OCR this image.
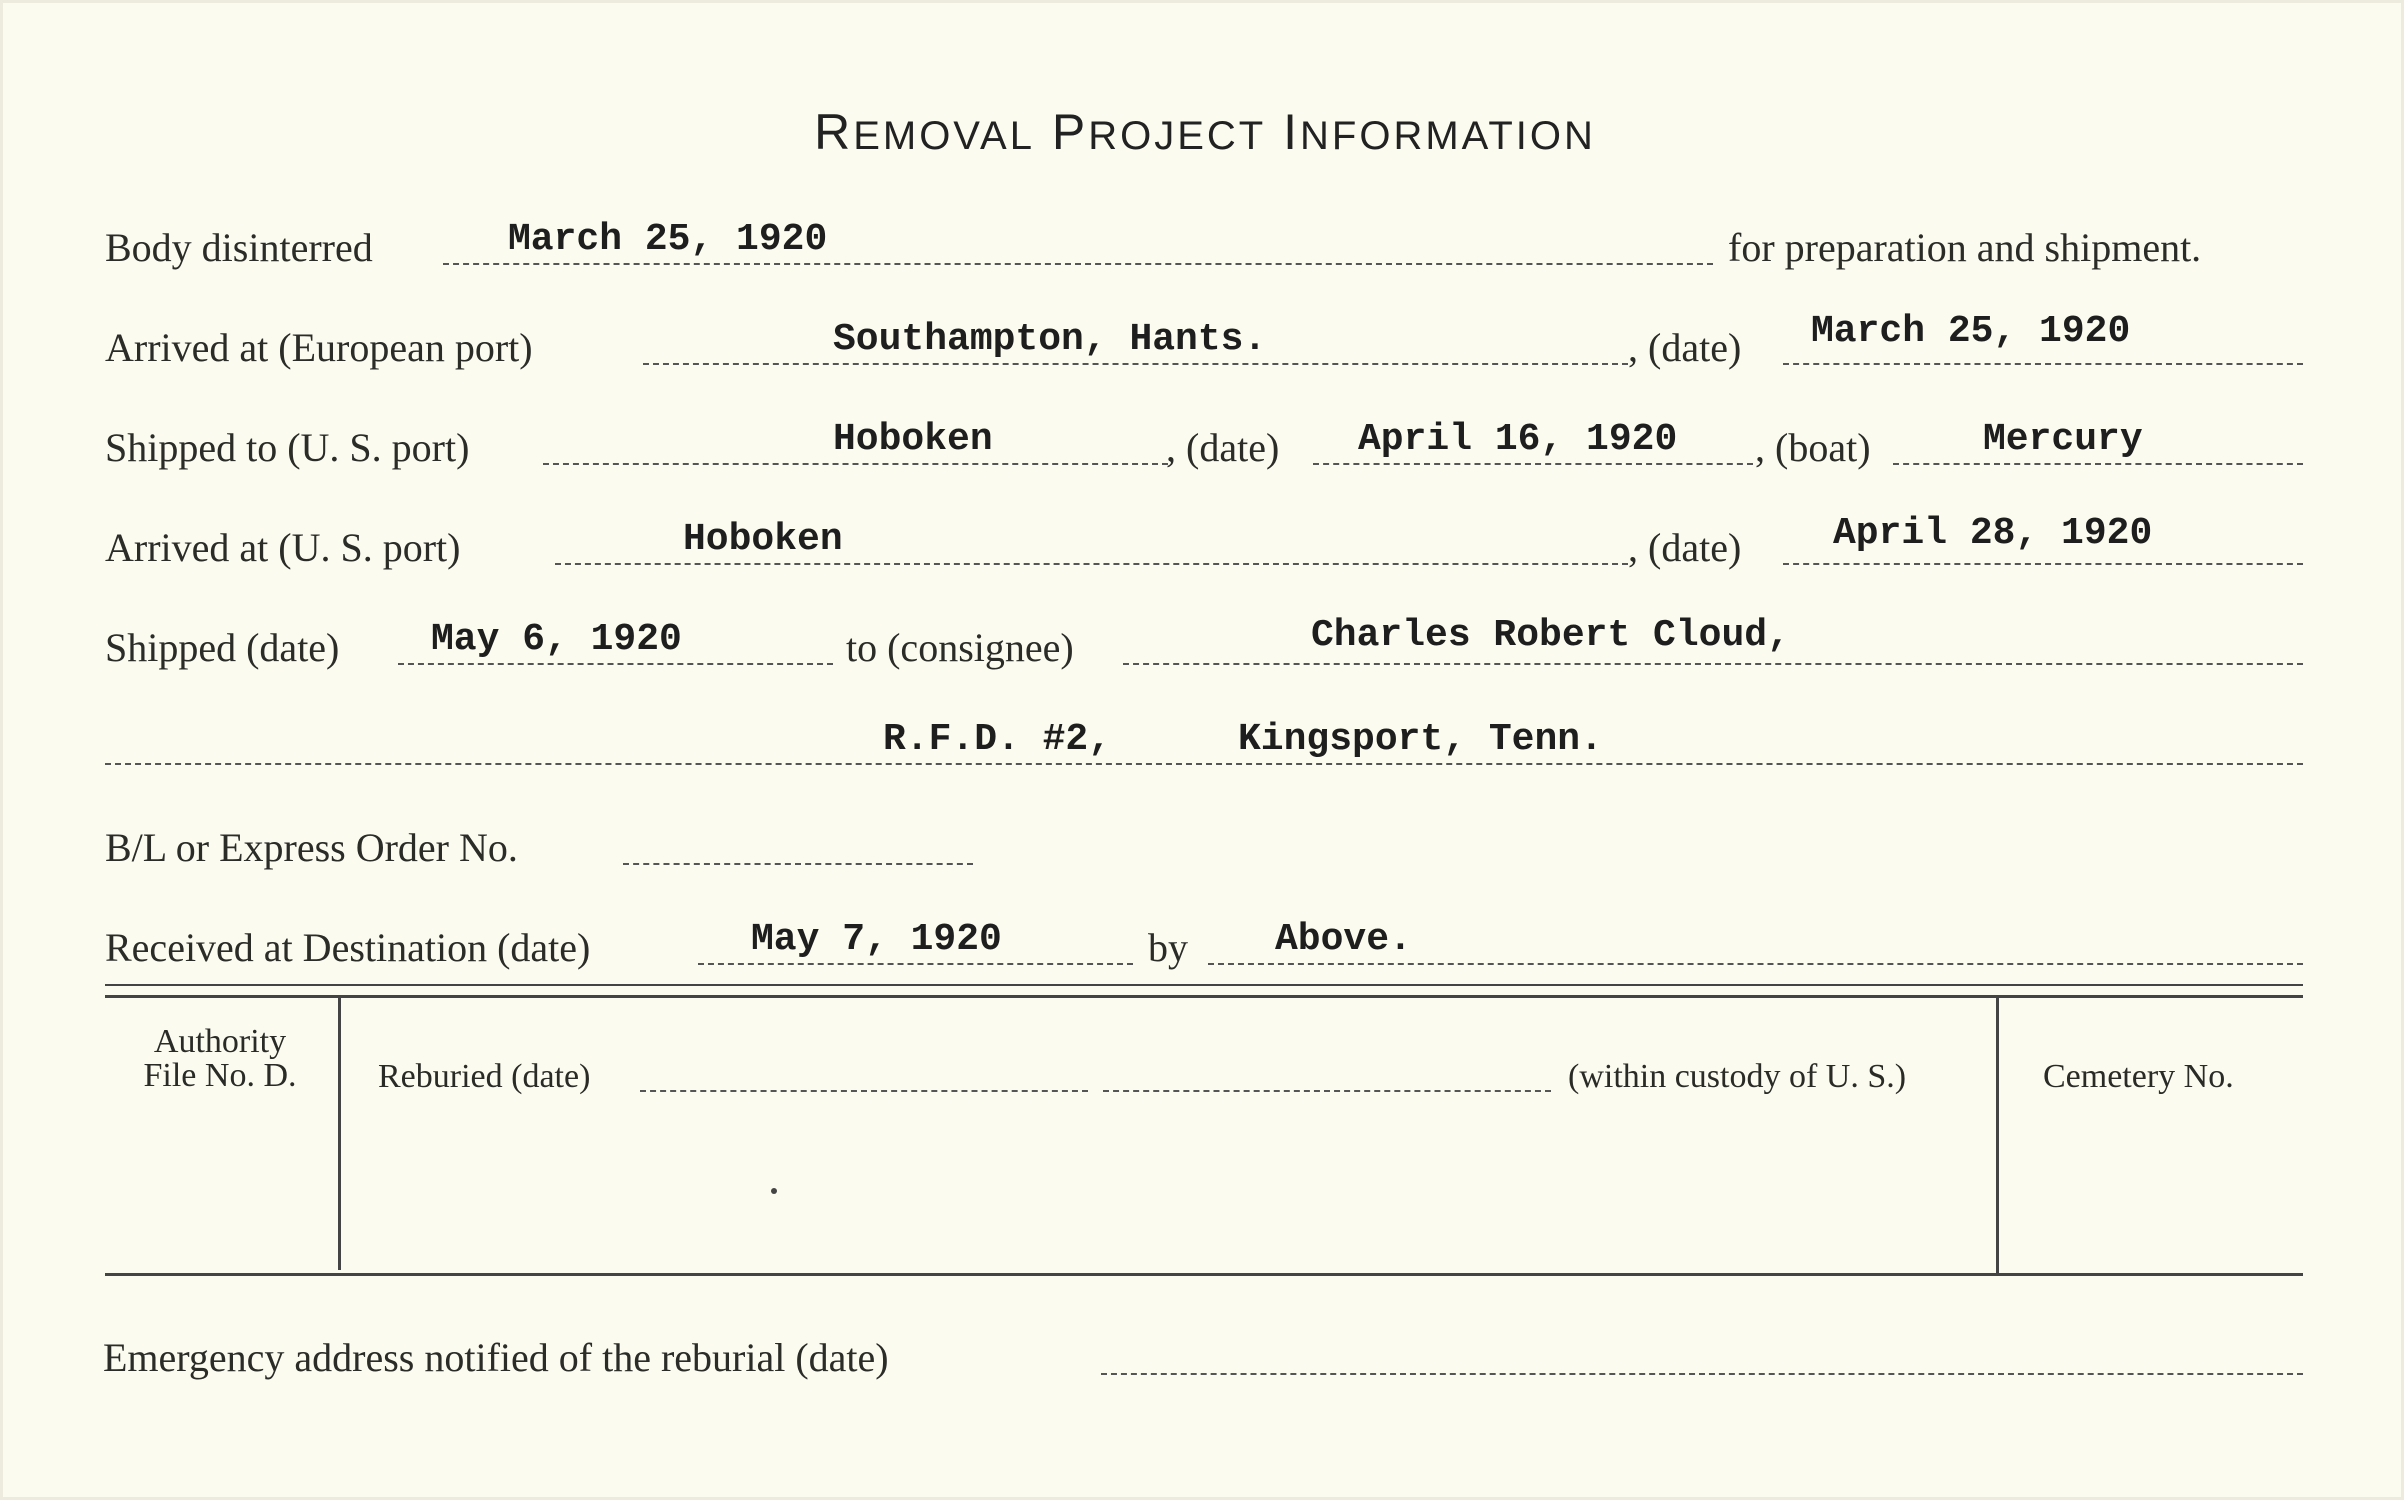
REMOVAL PROJECT INFORMATION
Body disinterred	March 25, 1920	for preparation and shipment.
Arrived at (European port)	Southampton, Hants.	, (date) March 25, 1920
Shipped to (U. S. port)	Hoboken	, (date) April 16, 1920 , (boat)	Mercury
Arrived at (U. S. port)	Hoboken	, (date) April 28, 1920
Shipped (date) May 6, 1920	to (consignee)	Charles Robert Cloud,
R.F.D. #2,	Kingsport, Tenn.
B/L or Express Order No.
Received at Destination (date)	May 7, 1920	by Above.
Authority
File No. D.	Reburied (date)	(within custody of U. S.)	Cemetery No.
Emergency address notified of the reburial (date)
